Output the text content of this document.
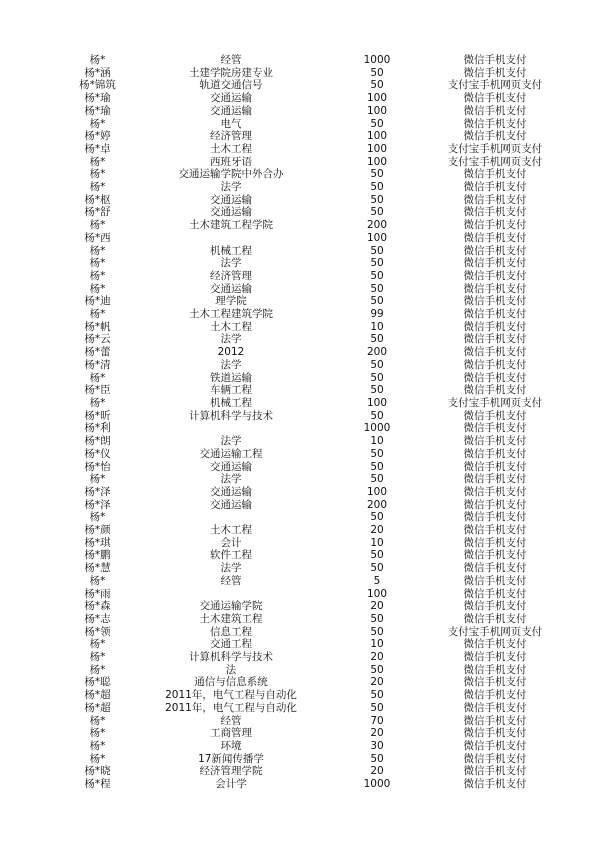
杨*	经管	1000	微信手机支付
杨*涵	土建学院房建专业	50	微信手机支付
杨*锦筑	轨道交通信号	50	支付宝手机网页支付
杨*瑜	交通运输	100	微信手机支付
杨*瑜	交通运输	100	微信手机支付
杨*	电气	50	微信手机支付
杨*婷	经济管理	100	微信手机支付
杨*卓	土木工程	100	支付宝手机网页支付
杨*	西班牙语	100	支付宝手机网页支付
杨*	交通运输学院中外合办	50	微信手机支付
杨*	法学	50	微信手机支付
杨*枢	交通运输	50	微信手机支付
杨*舒	交通运输	50	微信手机支付
杨*	土木建筑工程学院	200	微信手机支付
杨*西		100	微信手机支付
杨*	机械工程	50	微信手机支付
杨*	法学	50	微信手机支付
杨*	经济管理	50	微信手机支付
杨*	交通运输	50	微信手机支付
杨*迪	理学院	50	微信手机支付
杨*	土木工程建筑学院	99	微信手机支付
杨*帆	土木工程	10	微信手机支付
杨*云	法学	50	微信手机支付
杨*蕾	2012	200	微信手机支付
杨*清	法学	50	微信手机支付
杨*	铁道运输	50	微信手机支付
杨*臣	车辆工程	50	微信手机支付
杨*	机械工程	100	支付宝手机网页支付
杨*昕	计算机科学与技术	50	微信手机支付
杨*利		1000	微信手机支付
杨*朗	法学	10	微信手机支付
杨*仪	交通运输工程	50	微信手机支付
杨*怡	交通运输	50	微信手机支付
杨*	法学	50	微信手机支付
杨*泽	交通运输	100	微信手机支付
杨*泽	交通运输	200	微信手机支付
杨*		50	微信手机支付
杨*颜	土木工程	20	微信手机支付
杨*琪	会计	10	微信手机支付
杨*鹏	软件工程	50	微信手机支付
杨*慧	法学	50	微信手机支付
杨*	经管	5	微信手机支付
杨*雨		100	微信手机支付
杨*森	交通运输学院	20	微信手机支付
杨*志	土木建筑工程	50	微信手机支付
杨*领	信息工程	50	支付宝手机网页支付
杨*	交通工程	10	微信手机支付
杨*	计算机科学与技术	20	微信手机支付
杨*	法	50	微信手机支付
杨*聪	通信与信息系统	20	微信手机支付
杨*超	2011年，电气工程与自动化	50	微信手机支付
杨*超	2011年，电气工程与自动化	50	微信手机支付
杨*	经管	70	微信手机支付
杨*	工商管理	20	微信手机支付
杨*	环境	30	微信手机支付
杨*	17新闻传播学	50	微信手机支付
杨*晓	经济管理学院	20	微信手机支付
杨*程	会计学	1000	微信手机支付
